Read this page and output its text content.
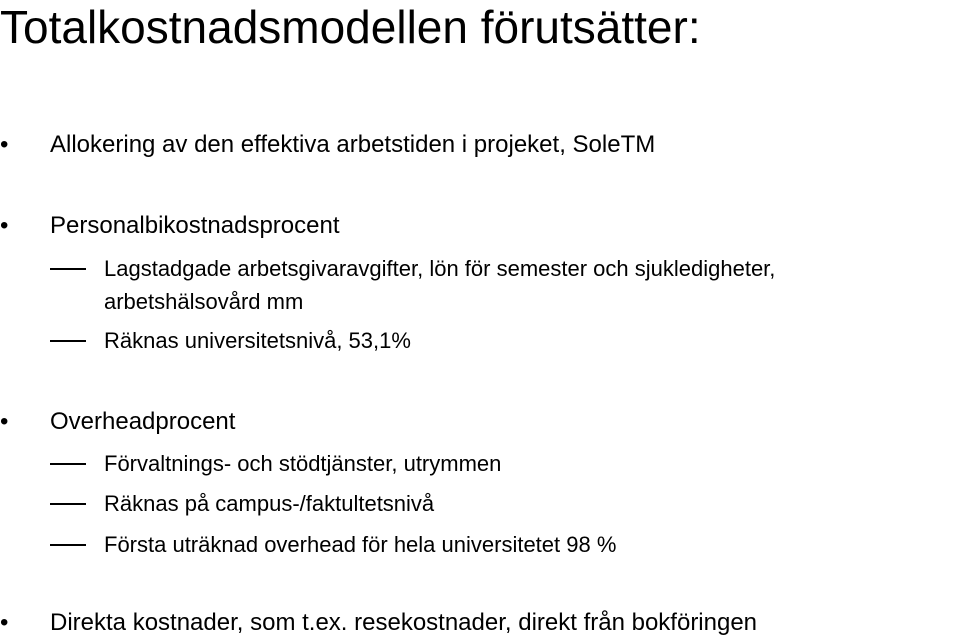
Totalkostnadsmodellen förutsätter:
• Allokering av den effektiva arbetstiden i projeket, SoleTM
• Personalbikostnadsprocent
Lagstadgade arbetsgivaravgifter, lön för semester och sjukledigheter,
arbetshälsovård mm
Räknas universitetsnivå, 53,1%
• Overheadprocent
Förvaltnings- och stödtjänster, utrymmen
Räknas på campus-/faktultetsnivå
Första uträknad overhead för hela universitetet 98 %
• Direkta kostnader, som t.ex. resekostnader, direkt från bokföringen
